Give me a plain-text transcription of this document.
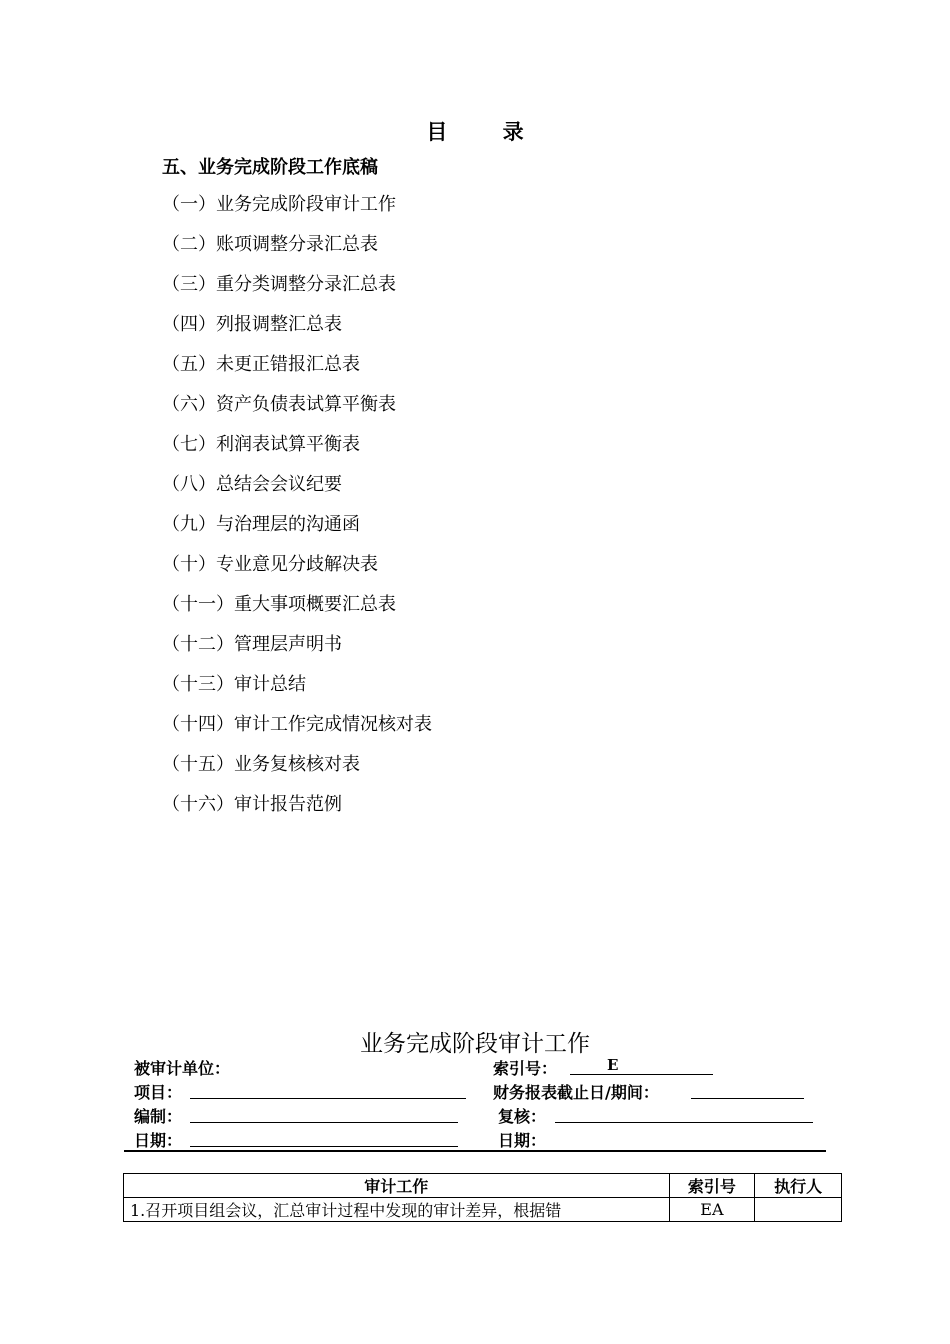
目 录
五、业务完成阶段工作底稿
（一）业务完成阶段审计工作
（二）账项调整分录汇总表
（三）重分类调整分录汇总表
（四）列报调整汇总表
（五）未更正错报汇总表
（六）资产负债表试算平衡表
（七）利润表试算平衡表
（八）总结会会议纪要
（九）与治理层的沟通函
（十）专业意见分歧解决表
（十一）重大事项概要汇总表
（十二）管理层声明书
（十三）审计总结
（十四）审计工作完成情况核对表
（十五）业务复核核对表
（十六）审计报告范例
业务完成阶段审计工作
被审计单位：	索引号：	E
项目：	财务报表截止日/期间：
编制：	复核：
日期：	日期：
审计工作	索引号	执行人
1.召开项目组会议，汇总审计过程中发现的审计差异，根据错	EA	
